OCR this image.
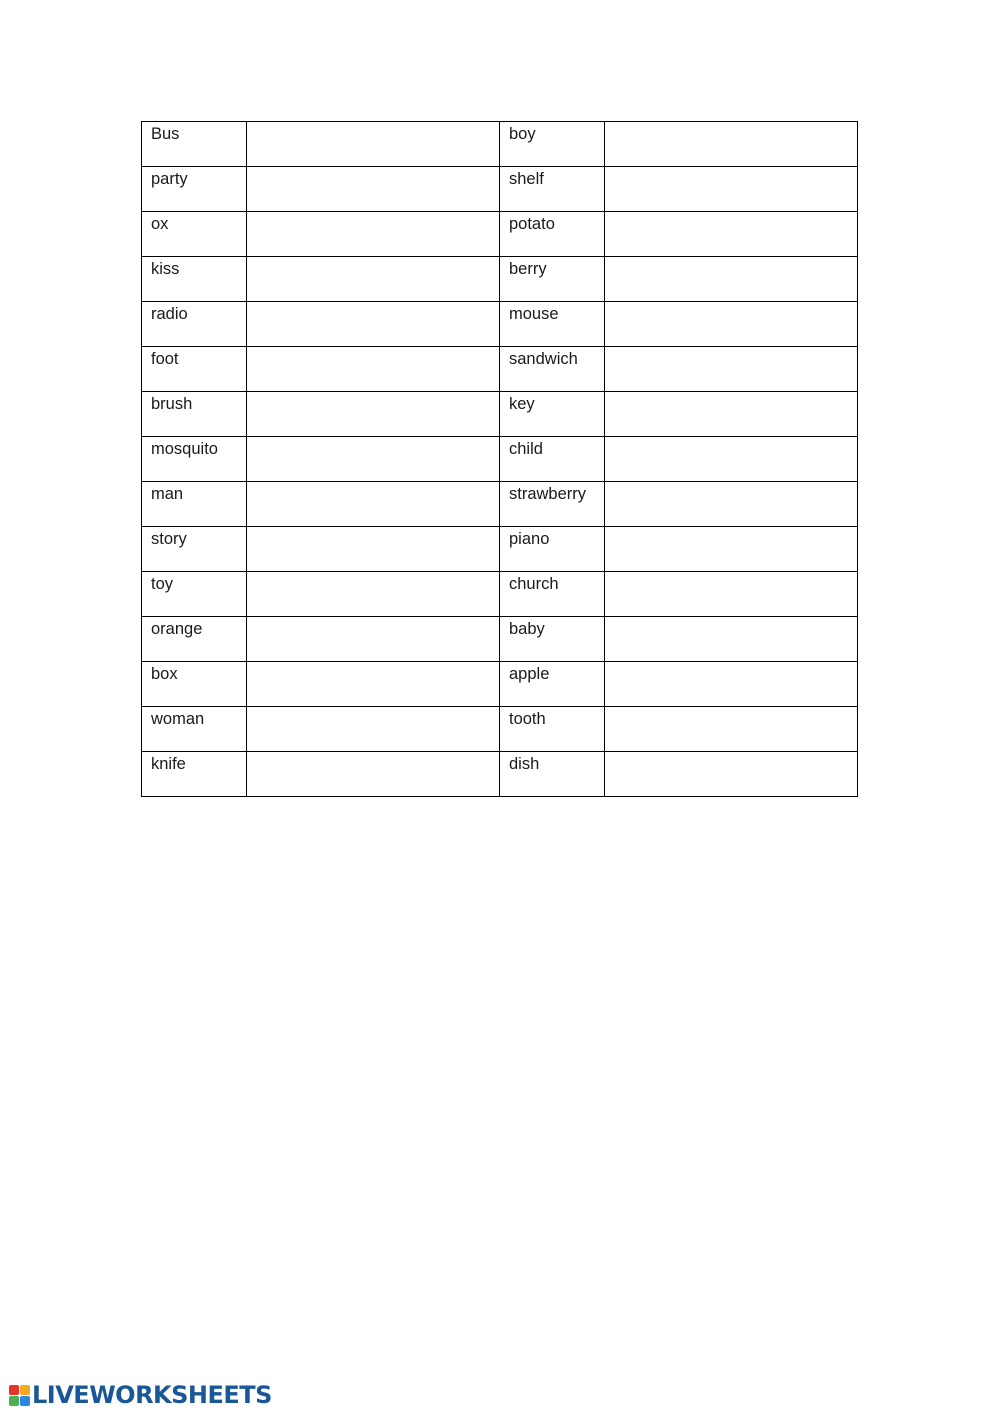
Bus		boy

party		shelf

ox		potato

kiss		berry

radio		mouse

foot		sandwich

brush		key

mosquito		child

man		strawberry

story		piano

toy		church

orange		baby

box		apple

woman		tooth

knife		dish

LIVEWORKSHEETS
